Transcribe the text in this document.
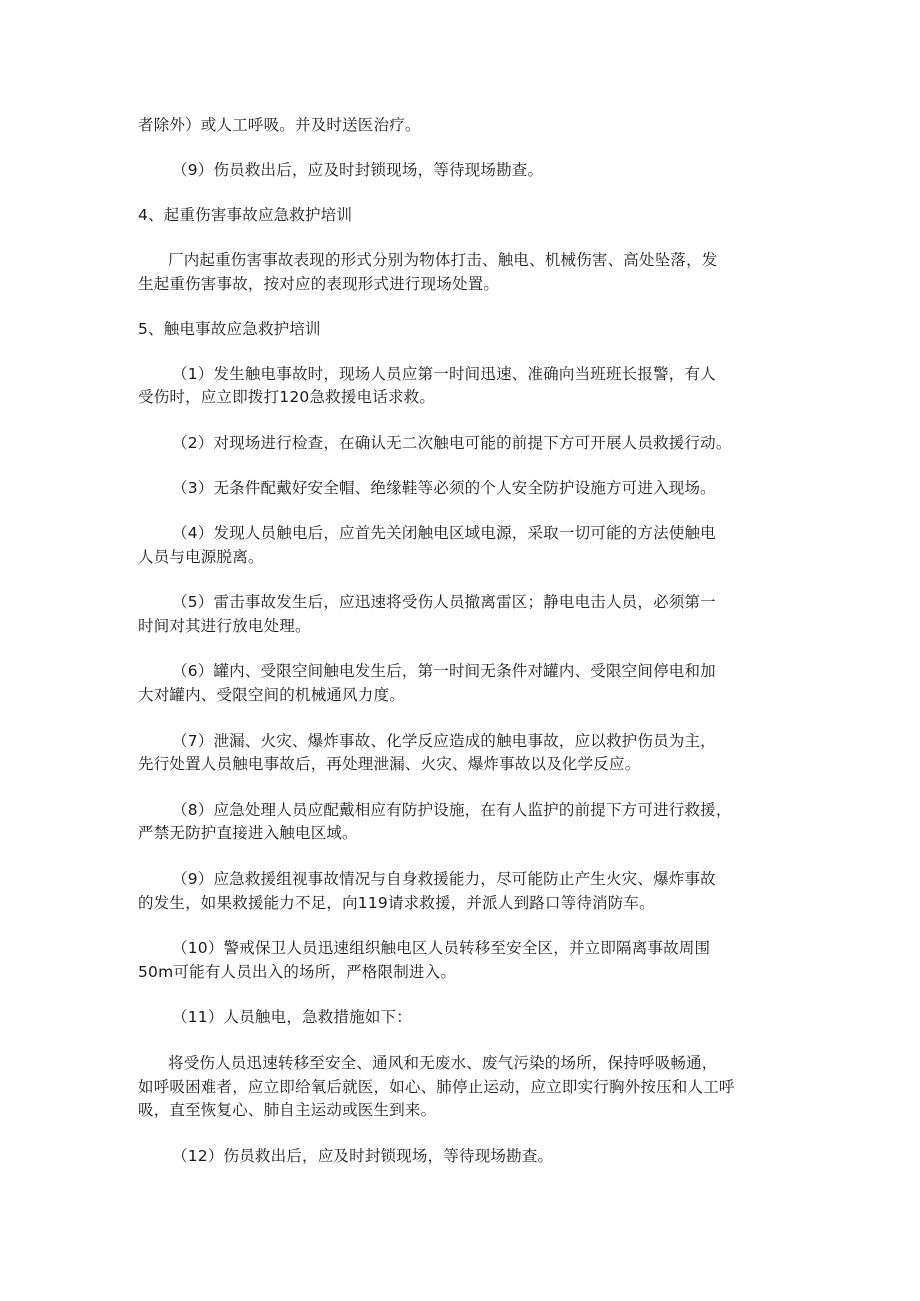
者除外）或人工呼吸。并及时送医治疗。

（9）伤员救出后，应及时封锁现场，等待现场勘查。

4、起重伤害事故应急救护培训

厂内起重伤害事故表现的形式分别为物体打击、触电、机械伤害、高处坠落，发

生起重伤害事故，按对应的表现形式进行现场处置。

5、触电事故应急救护培训

（1）发生触电事故时，现场人员应第一时间迅速、准确向当班班长报警，有人

受伤时，应立即拨打120急救援电话求救。

（2）对现场进行检查，在确认无二次触电可能的前提下方可开展人员救援行动。

（3）无条件配戴好安全帽、绝缘鞋等必须的个人安全防护设施方可进入现场。

（4）发现人员触电后，应首先关闭触电区域电源，采取一切可能的方法使触电

人员与电源脱离。

（5）雷击事故发生后，应迅速将受伤人员撤离雷区；静电电击人员，必须第一

时间对其进行放电处理。

（6）罐内、受限空间触电发生后，第一时间无条件对罐内、受限空间停电和加

大对罐内、受限空间的机械通风力度。

（7）泄漏、火灾、爆炸事故、化学反应造成的触电事故，应以救护伤员为主，

先行处置人员触电事故后，再处理泄漏、火灾、爆炸事故以及化学反应。

（8）应急处理人员应配戴相应有防护设施，在有人监护的前提下方可进行救援，

严禁无防护直接进入触电区域。

（9）应急救援组视事故情况与自身救援能力，尽可能防止产生火灾、爆炸事故

的发生，如果救援能力不足，向119请求救援，并派人到路口等待消防车。

（10）警戒保卫人员迅速组织触电区人员转移至安全区，并立即隔离事故周围

50m可能有人员出入的场所，严格限制进入。

（11）人员触电，急救措施如下：

将受伤人员迅速转移至安全、通风和无废水、废气污染的场所，保持呼吸畅通，

如呼吸困难者，应立即给氧后就医，如心、肺停止运动，应立即实行胸外按压和人工呼

吸，直至恢复心、肺自主运动或医生到来。

（12）伤员救出后，应及时封锁现场，等待现场勘查。
